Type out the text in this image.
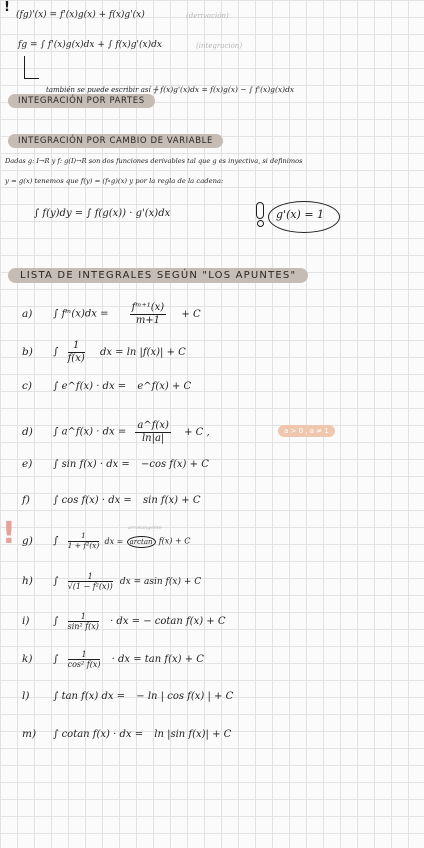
! (fg)'(x) = f'(x)g(x) + f(x)g'(x)	(derivación)
fg = ∫ f'(x)g(x)dx + ∫ f(x)g'(x)dx	(integración)
también se puede escribir así →
∫ f(x)g'(x)dx = f(x)g(x) − ∫ f'(x)g(x)dx
INTEGRACIÓN POR PARTES
INTEGRACIÓN POR CAMBIO DE VARIABLE
Dadas g: I→R y f: g(I)→R son dos funciones derivables tal que g es inyectiva, si definimos
y = g(x) tenemos que f(y) = (f∘g)(x) y por la regla de la cadena:
∫ f(y)dy = ∫ f(g(x)) · g'(x)dx	g'(x) = 1
LISTA DE INTEGRALES SEGÚN "LOS APUNTES"
a) ∫ fᵐ(x)dx = $\frac{\text{fᵐ⁺¹(x)}}{m+1} + C$
b) ∫ $\frac{1}{f(x)}$ dx = ln |f(x)| + C
c) ∫ e^f(x) · dx = e^f(x) + C
d) ∫ a^f(x) · dx = $\frac{a\^{}f(x)}{\ln|a|} + C$ ,	a > 0 , a ≠ 1
e) ∫ sin f(x) · dx = −cos f(x) + C
f) ∫ cos f(x) · dx = sin f(x) + C
!	arcotangente
g) ∫ $\frac{1}{\text{1 + f²(x)}}$ dx = arctan f(x) + C
h) ∫ $\frac{1}{\text{√(1 − f²(x))}}$ dx = asin f(x) + C
i) ∫ $\frac{1}{\text{sin² f(x)}}$ · dx = − cotan f(x) + C
k) ∫ $\frac{1}{\text{cos² f(x)}}$ · dx = tan f(x) + C
l) ∫ tan f(x) dx = − ln | cos f(x) | + C
m) ∫ cotan f(x) · dx = ln |sin f(x)| + C
